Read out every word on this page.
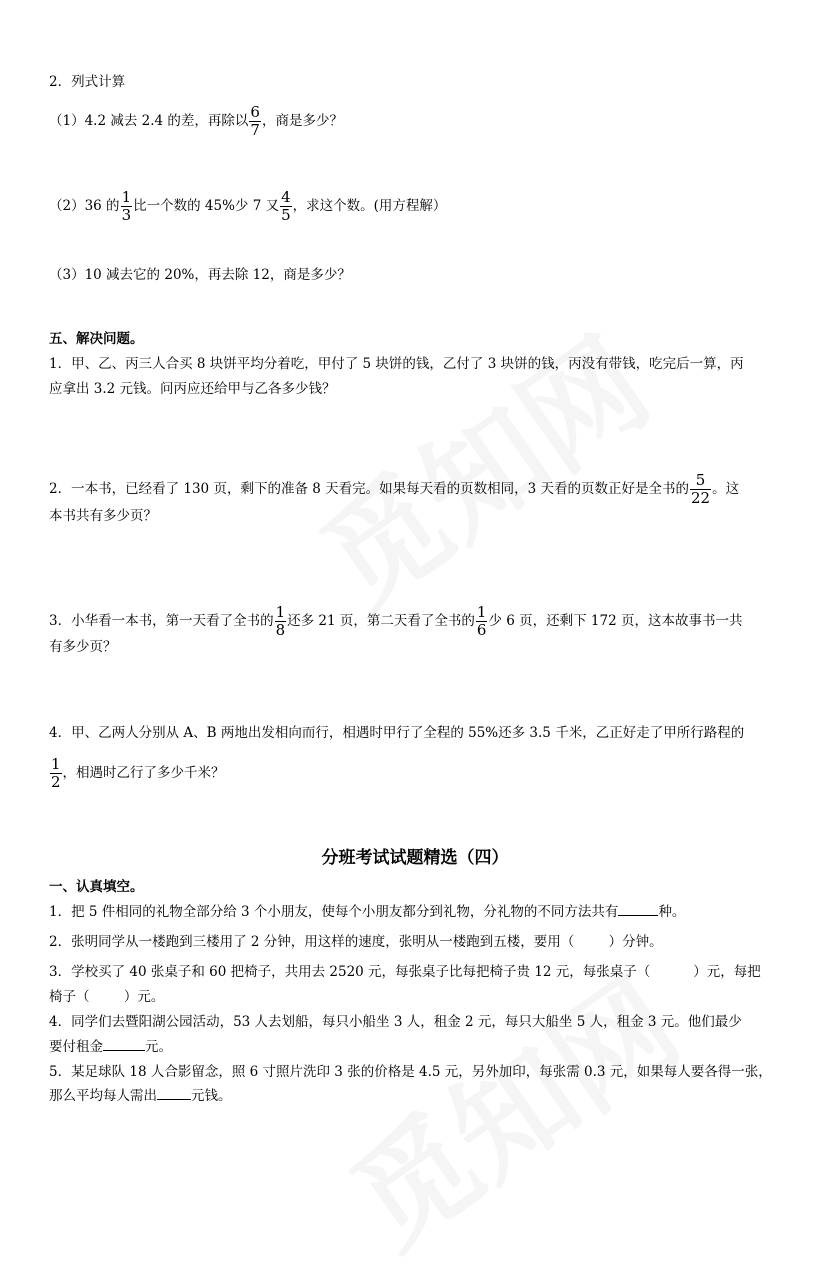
2．列式计算
（1）4.2 减去 2.4 的差，再除以 $\frac{6}{7}$ ，商是多少？
（2）36 的 $\frac{1}{3}$ 比一个数的 45%少 7 又 $\frac{4}{5}$ ，求这个数。(用方程解）
（3）10 减去它的 20%，再去除 12，商是多少？
五、解决问题。
1．甲、乙、丙三人合买 8 块饼平均分着吃，甲付了 5 块饼的钱，乙付了 3 块饼的钱，丙没有带钱，吃完后一算，丙
应拿出 3.2 元钱。问丙应还给甲与乙各多少钱？
2．一本书，已经看了 130 页，剩下的准备 8 天看完。如果每天看的页数相同，3 天看的页数正好是全书的 $\frac{5}{22}$ 。这
本书共有多少页？
3．小华看一本书，第一天看了全书的 $\frac{1}{8}$ 还多 21 页，第二天看了全书的 $\frac{1}{6}$ 少 6 页，还剩下 172 页，这本故事书一共
有多少页？
4．甲、乙两人分别从 A、B 两地出发相向而行，相遇时甲行了全程的 55%还多 3.5 千米，乙正好走了甲所行路程的
$\frac{1}{2}$ ，相遇时乙行了多少千米？
分班考试试题精选（四）
一、认真填空。
1．把 5 件相同的礼物全部分给 3 个小朋友，使每个小朋友都分到礼物，分礼物的不同方法共有	种。
2．张明同学从一楼跑到三楼用了 2 分钟，用这样的速度，张明从一楼跑到五楼，要用（        ）分钟。
3．学校买了 40 张桌子和 60 把椅子，共用去 2520 元，每张桌子比每把椅子贵 12 元，每张桌子（          ）元，每把
椅子（        ）元。
4．同学们去暨阳湖公园活动，53 人去划船，每只小船坐 3 人，租金 2 元，每只大船坐 5 人，租金 3 元。他们最少
要付租金	元。
5．某足球队 18 人合影留念，照 6 寸照片洗印 3 张的价格是 4.5 元，另外加印，每张需 0.3 元，如果每人要各得一张，
那么平均每人需出	元钱。
